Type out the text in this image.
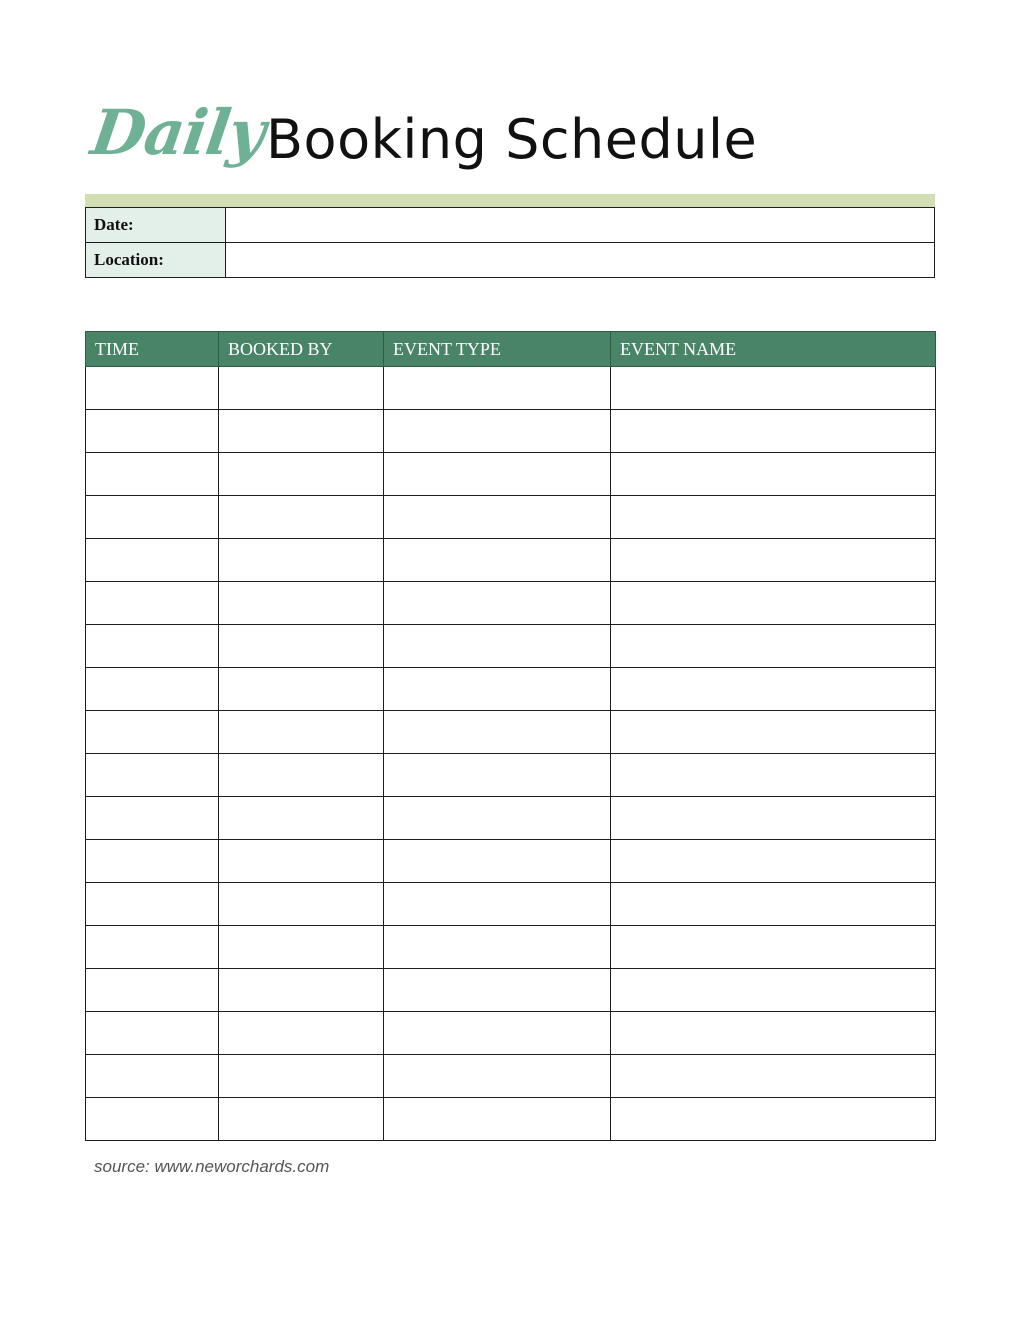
Daily
Booking Schedule
Date:	
Location:	
TIME	BOOKED BY	EVENT TYPE	EVENT NAME

source: www.neworchards.com
